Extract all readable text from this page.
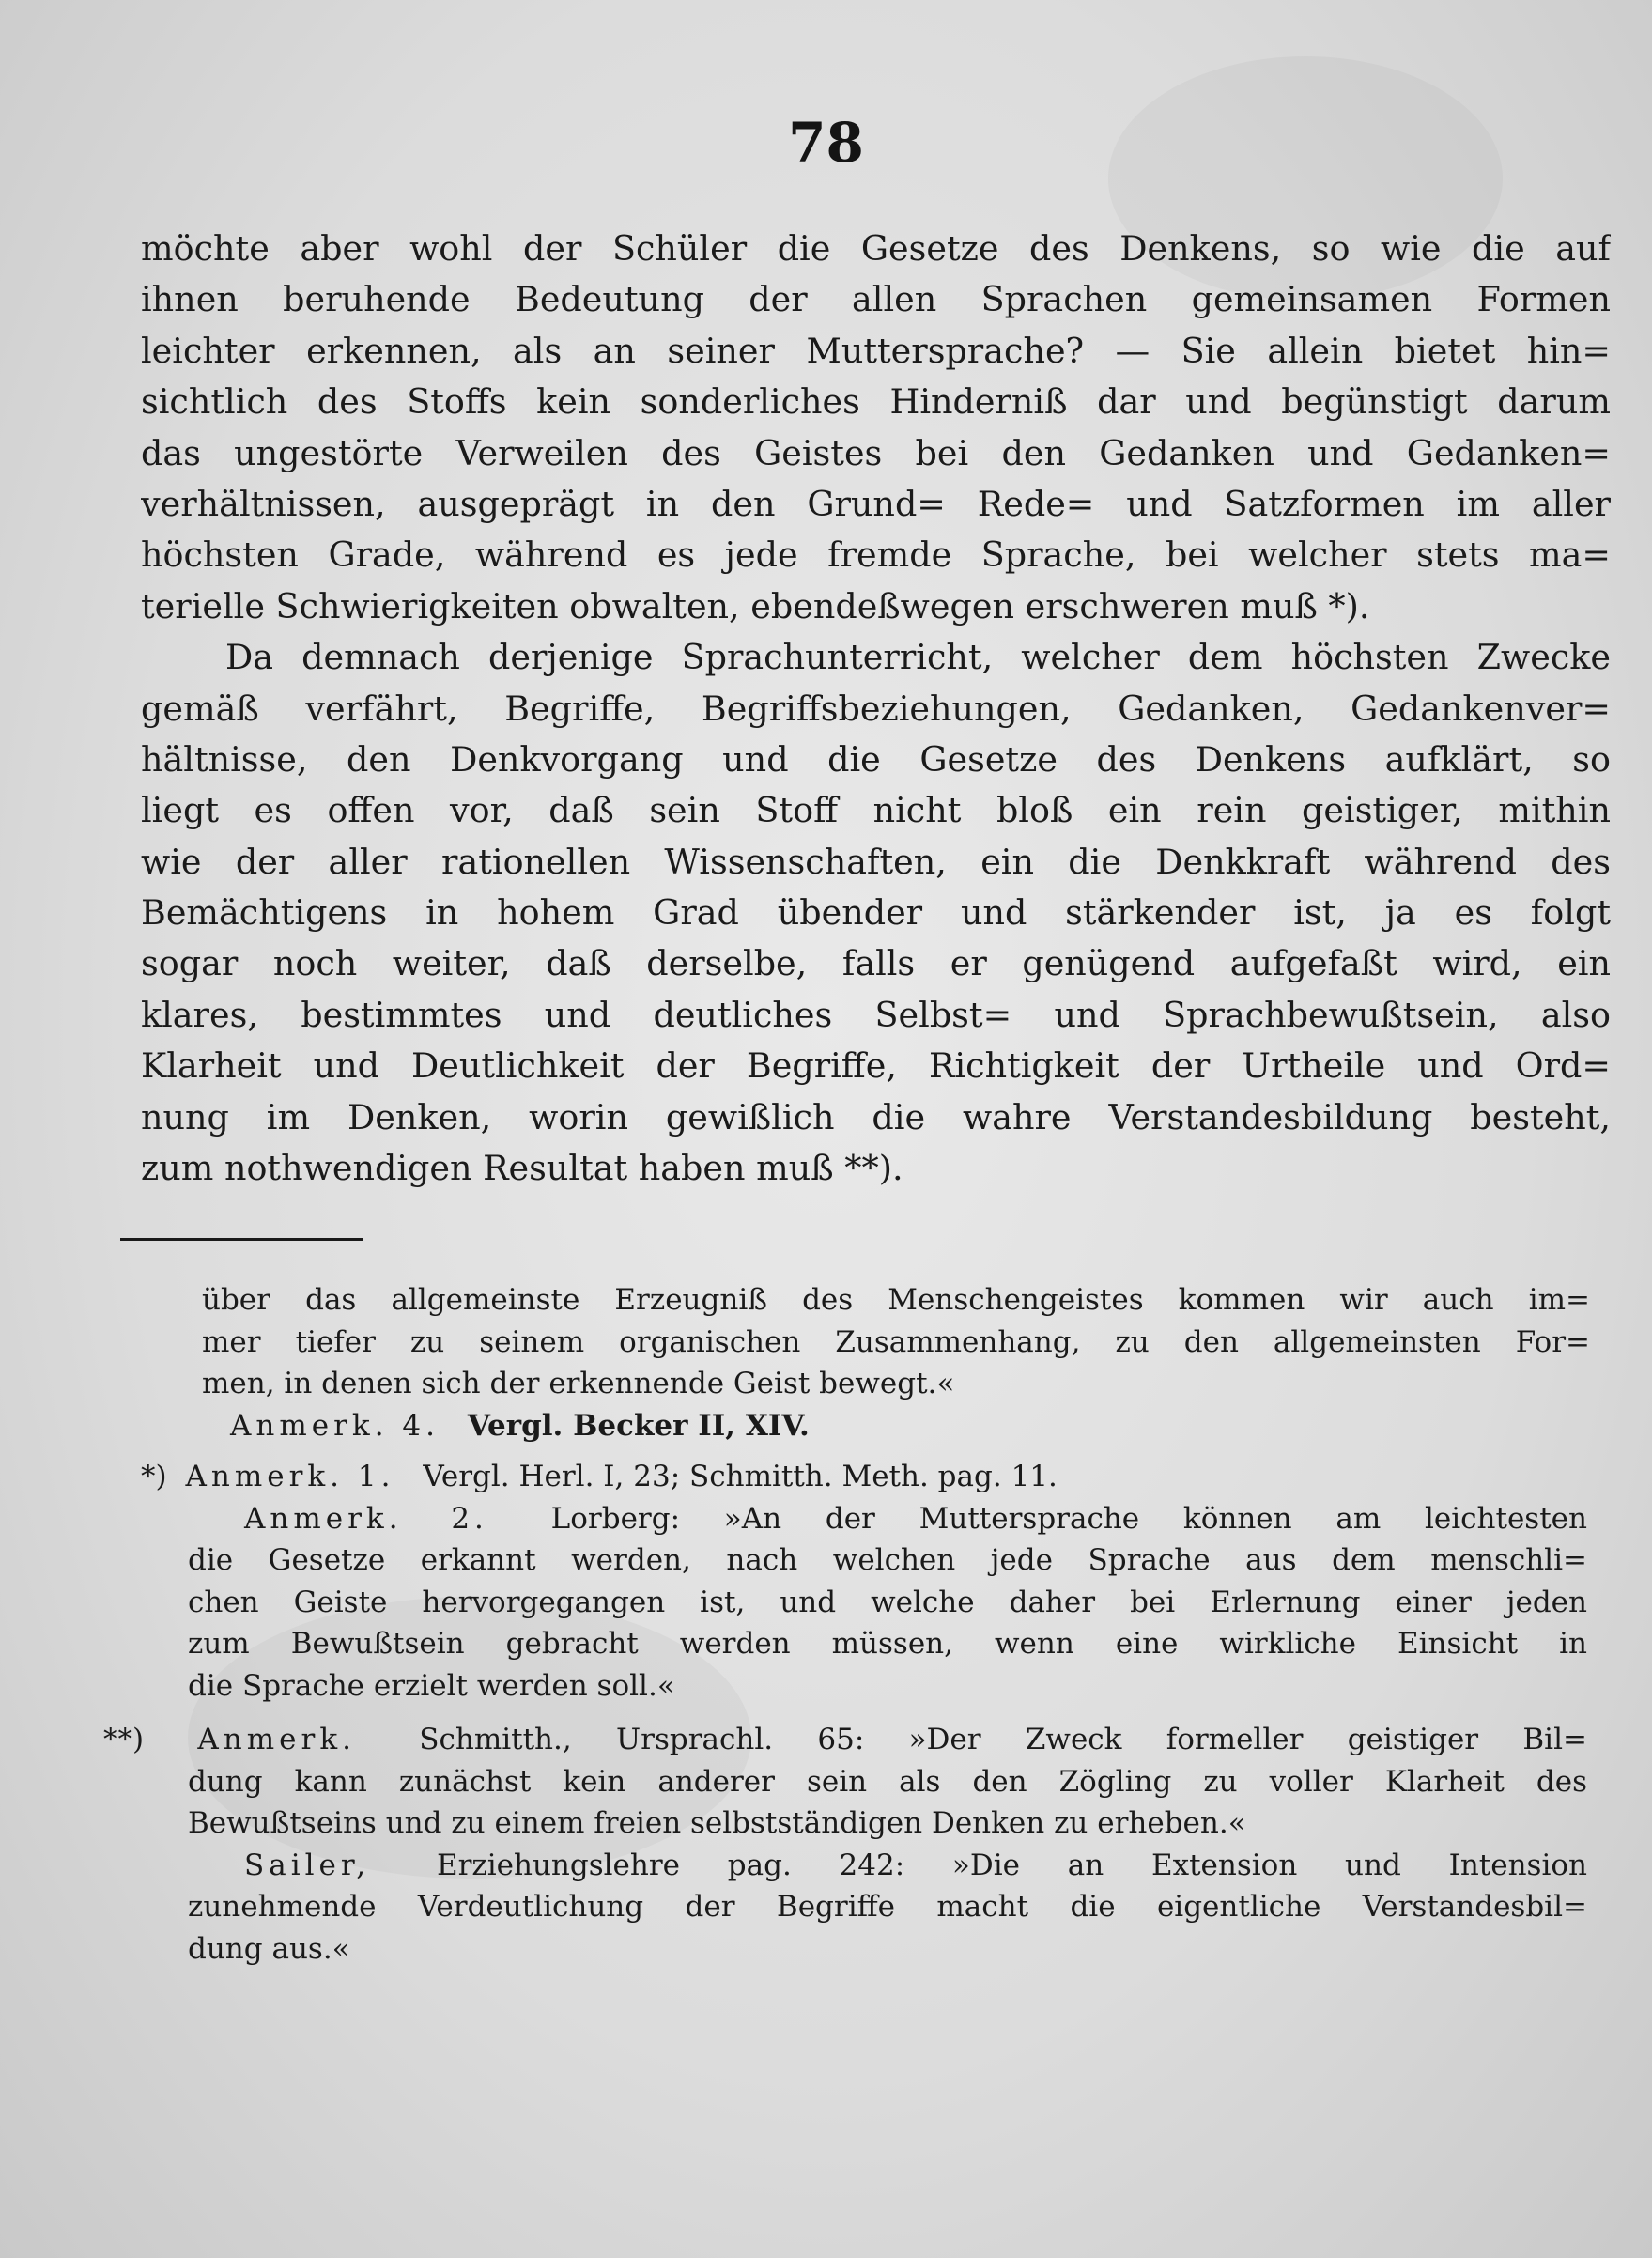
78
möchte aber wohl der Schüler die Gesetze des Denkens, so wie die auf
ihnen beruhende Bedeutung der allen Sprachen gemeinsamen Formen
leichter erkennen, als an seiner Muttersprache? — Sie allein bietet hin=
sichtlich des Stoffs kein sonderliches Hinderniß dar und begünstigt darum
das ungestörte Verweilen des Geistes bei den Gedanken und Gedanken=
verhältnissen, ausgeprägt in den Grund= Rede= und Satzformen im aller
höchsten Grade, während es jede fremde Sprache, bei welcher stets ma=
terielle Schwierigkeiten obwalten, ebendeßwegen erschweren muß *).
Da demnach derjenige Sprachunterricht, welcher dem höchsten Zwecke
gemäß verfährt, Begriffe, Begriffsbeziehungen, Gedanken, Gedankenver=
hältnisse, den Denkvorgang und die Gesetze des Denkens aufklärt, so
liegt es offen vor, daß sein Stoff nicht bloß ein rein geistiger, mithin
wie der aller rationellen Wissenschaften, ein die Denkkraft während des
Bemächtigens in hohem Grad übender und stärkender ist, ja es folgt
sogar noch weiter, daß derselbe, falls er genügend aufgefaßt wird, ein
klares, bestimmtes und deutliches Selbst= und Sprachbewußtsein, also
Klarheit und Deutlichkeit der Begriffe, Richtigkeit der Urtheile und Ord=
nung im Denken, worin gewißlich die wahre Verstandesbildung besteht,
zum nothwendigen Resultat haben muß **).
über das allgemeinste Erzeugniß des Menschengeistes kommen wir auch im=
mer tiefer zu seinem organischen Zusammenhang, zu den allgemeinsten For=
men, in denen sich der erkennende Geist bewegt.«
Anmerk. 4. Vergl. Becker II, XIV.
*) Anmerk. 1. Vergl. Herl. I, 23; Schmitth. Meth. pag. 11.
Anmerk. 2. Lorberg: »An der Muttersprache können am leichtesten
die Gesetze erkannt werden, nach welchen jede Sprache aus dem menschli=
chen Geiste hervorgegangen ist, und welche daher bei Erlernung einer jeden
zum Bewußtsein gebracht werden müssen, wenn eine wirkliche Einsicht in
die Sprache erzielt werden soll.«
**) Anmerk. Schmitth., Ursprachl. 65: »Der Zweck formeller geistiger Bil=
dung kann zunächst kein anderer sein als den Zögling zu voller Klarheit des
Bewußtseins und zu einem freien selbstständigen Denken zu erheben.«
Sailer, Erziehungslehre pag. 242: »Die an Extension und Intension
zunehmende Verdeutlichung der Begriffe macht die eigentliche Verstandesbil=
dung aus.«
